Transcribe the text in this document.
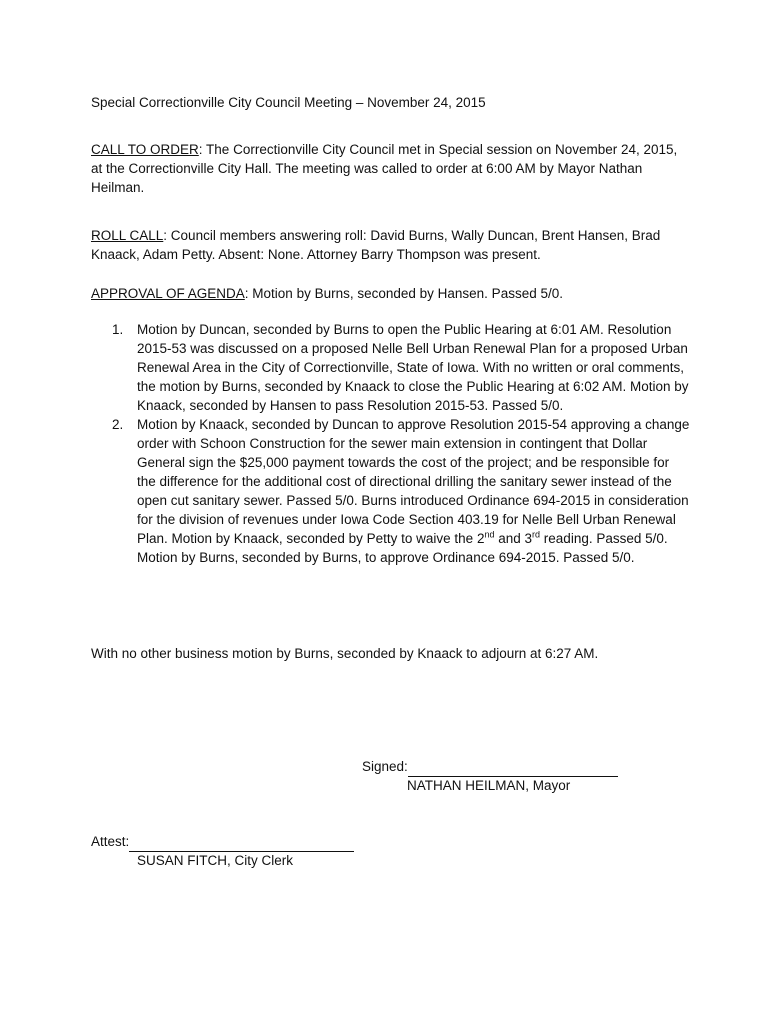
Special Correctionville City Council Meeting – November 24, 2015

CALL TO ORDER: The Correctionville City Council met in Special session on November 24, 2015, at the Correctionville City Hall. The meeting was called to order at 6:00 AM by Mayor Nathan Heilman.

ROLL CALL: Council members answering roll: David Burns, Wally Duncan, Brent Hansen, Brad Knaack, Adam Petty. Absent: None. Attorney Barry Thompson was present.

APPROVAL OF AGENDA: Motion by Burns, seconded by Hansen. Passed 5/0.

1. Motion by Duncan, seconded by Burns to open the Public Hearing at 6:01 AM. Resolution 2015-53 was discussed on a proposed Nelle Bell Urban Renewal Plan for a proposed Urban Renewal Area in the City of Correctionville, State of Iowa. With no written or oral comments, the motion by Burns, seconded by Knaack to close the Public Hearing at 6:02 AM. Motion by Knaack, seconded by Hansen to pass Resolution 2015-53. Passed 5/0.
2. Motion by Knaack, seconded by Duncan to approve Resolution 2015-54 approving a change order with Schoon Construction for the sewer main extension in contingent that Dollar General sign the $25,000 payment towards the cost of the project; and be responsible for the difference for the additional cost of directional drilling the sanitary sewer instead of the open cut sanitary sewer. Passed 5/0. Burns introduced Ordinance 694-2015 in consideration for the division of revenues under Iowa Code Section 403.19 for Nelle Bell Urban Renewal Plan. Motion by Knaack, seconded by Petty to waive the 2nd and 3rd reading. Passed 5/0. Motion by Burns, seconded by Burns, to approve Ordinance 694-2015. Passed 5/0.

With no other business motion by Burns, seconded by Knaack to adjourn at 6:27 AM.

Signed:
NATHAN HEILMAN, Mayor
Attest:
SUSAN FITCH, City Clerk
